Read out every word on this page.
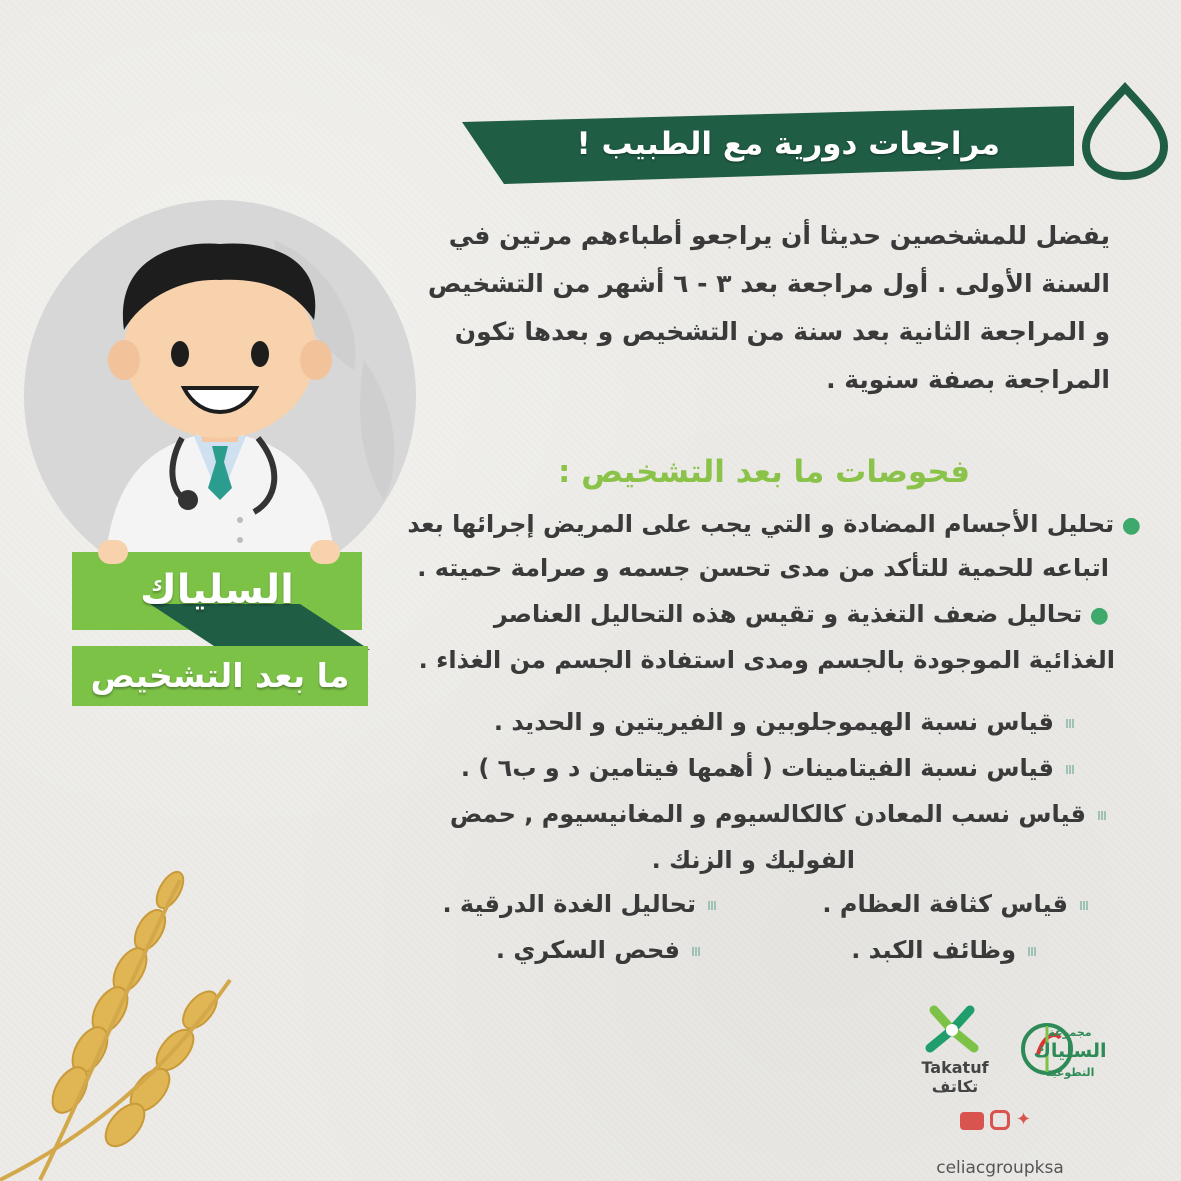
مراجعات دورية مع الطبيب !
يفضل للمشخصين حديثا أن يراجعو أطباءهم مرتين في
السنة الأولى . أول مراجعة بعد ٣ - ٦ أشهر من التشخيص
و المراجعة الثانية بعد سنة من التشخيص و بعدها تكون
المراجعة بصفة سنوية .
فحوصات ما بعد التشخيص :
● تحليل الأجسام المضادة و التي يجب على المريض إجرائها بعد
اتباعه للحمية للتأكد من مدى تحسن جسمه و صرامة حميته .
● تحاليل ضعف التغذية و تقيس هذه التحاليل العناصر
الغذائية الموجودة بالجسم ومدى استفادة الجسم من الغذاء .
قياس نسبة الهيموجلوبين و الفيريتين و الحديد .
قياس نسبة الفيتامينات ( أهمها فيتامين د و ب٦ ) .
قياس نسب المعادن كالكالسيوم و المغانيسيوم , حمض
الفوليك و الزنك .
قياس كثافة العظام .
تحاليل الغدة الدرقية .
وظائف الكبد .
فحص السكري .
السلياك
ما بعد التشخيص
Takatuf تكاتف
مجموعة
السلياك
التطوعية
✦
celiacgroupksa
